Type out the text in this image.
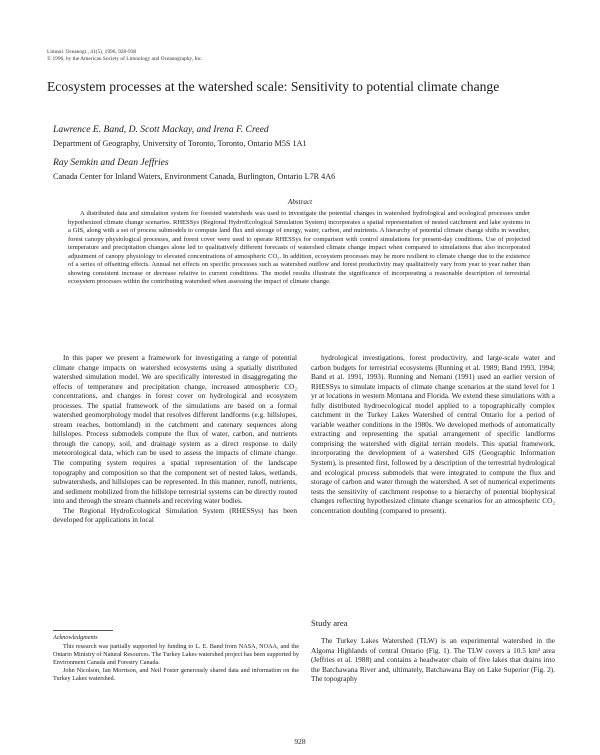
Limnol. Oceanogr., 41(5), 1996, 928-938
© 1996, by the American Society of Limnology and Oceanography, Inc.
Ecosystem processes at the watershed scale: Sensitivity to potential climate change
Lawrence E. Band, D. Scott Mackay, and Irena F. Creed
Department of Geography, University of Toronto, Toronto, Ontario M5S 1A1
Ray Semkin and Dean Jeffries
Canada Center for Inland Waters, Environment Canada, Burlington, Ontario L7R 4A6
Abstract

A distributed data and simulation system for forested watersheds was used to investigate the potential changes in watershed hydrological and ecological processes under hypothesized climate change scenarios. RHESSys (Regional HydroEcological Simulation System) incorporates a spatial representation of nested catchment and lake systems in a GIS, along with a set of process submodels to compute land flux and storage of energy, water, carbon, and nutrients. A hierarchy of potential climate change shifts in weather, forest canopy physiological processes, and forest cover were used to operate RHESSys for comparison with control simulations for present-day conditions. Use of projected temperature and precipitation changes alone led to qualitatively different forecasts of watershed climate change impact when compared to simulations that also incorporated adjustment of canopy physiology to elevated concentrations of atmospheric CO₂. In addition, ecosystem processes may be more resilient to climate change due to the existence of a series of offsetting effects. Annual net effects on specific processes such as watershed outflow and forest productivity may qualitatively vary from year to year rather than showing consistent increase or decrease relative to current conditions. The model results illustrate the significance of incorporating a reasonable description of terrestrial ecosystem processes within the contributing watershed when assessing the impact of climate change.

In this paper we present a framework for investigating a range of potential climate change impacts on watershed ecosystems using a spatially distributed watershed simulation model. We are specifically interested in disaggregating the effects of temperature and precipitation change, increased atmospheric CO₂ concentrations, and changes in forest cover on hydrological and ecosystem processes. The spatial framework of the simulations are based on a formal watershed geomorphology model that resolves different landforms (e.g. hillslopes, stream reaches, bottomland) in the catchment and catenary sequences along hillslopes. Process submodels compute the flux of water, carbon, and nutrients through the canopy, soil, and drainage system as a direct response to daily meteorological data, which can be used to assess the impacts of climate change. The computing system requires a spatial representation of the landscape topography and composition so that the component set of nested lakes, wetlands, subwatersheds, and hillslopes can be represented. In this manner, runoff, nutrients, and sediment mobilized from the hillslope terrestrial systems can be directly routed into and through the stream channels and receiving water bodies.

The Regional HydroEcological Simulation System (RHESSys) has been developed for applications in local

hydrological investigations, forest productivity, and large-scale water and carbon budgets for terrestrial ecosystems (Running et al. 1989; Band 1993, 1994; Band et al. 1991, 1993). Running and Nemani (1991) used an earlier version of RHESSys to simulate impacts of climate change scenarios at the stand level for 1 yr at locations in western Montana and Florida. We extend these simulations with a fully distributed hydroecological model applied to a topographically complex catchment in the Turkey Lakes Watershed of central Ontario for a period of variable weather conditions in the 1980s. We developed methods of automatically extracting and representing the spatial arrangement of specific landforms comprising the watershed with digital terrain models. This spatial framework, incorporating the development of a watershed GIS (Geographic Information System), is presented first, followed by a description of the terrestrial hydrological and ecological process submodels that were integrated to compute the flux and storage of carbon and water through the watershed. A set of numerical experiments tests the sensitivity of catchment response to a hierarchy of potential biophysical changes reflecting hypothesized climate change scenarios for an atmospheric CO₂ concentration doubling (compared to present).

Study area

The Turkey Lakes Watershed (TLW) is an experimental watershed in the Algoma Highlands of central Ontario (Fig. 1). The TLW covers a 10.5 km² area (Jeffries et al. 1988) and contains a headwater chain of five lakes that drains into the Batchawana River and, ultimately, Batchawana Bay on Lake Superior (Fig. 2). The topography

Acknowledgments

This research was partially supported by funding to L. E. Band from NASA, NOAA, and the Ontario Ministry of Natural Resources. The Turkey Lakes watershed project has been supported by Environment Canada and Forestry Canada.

John Nicolson, Ian Morrison, and Neil Foster generously shared data and information on the Turkey Lakes watershed.

928
